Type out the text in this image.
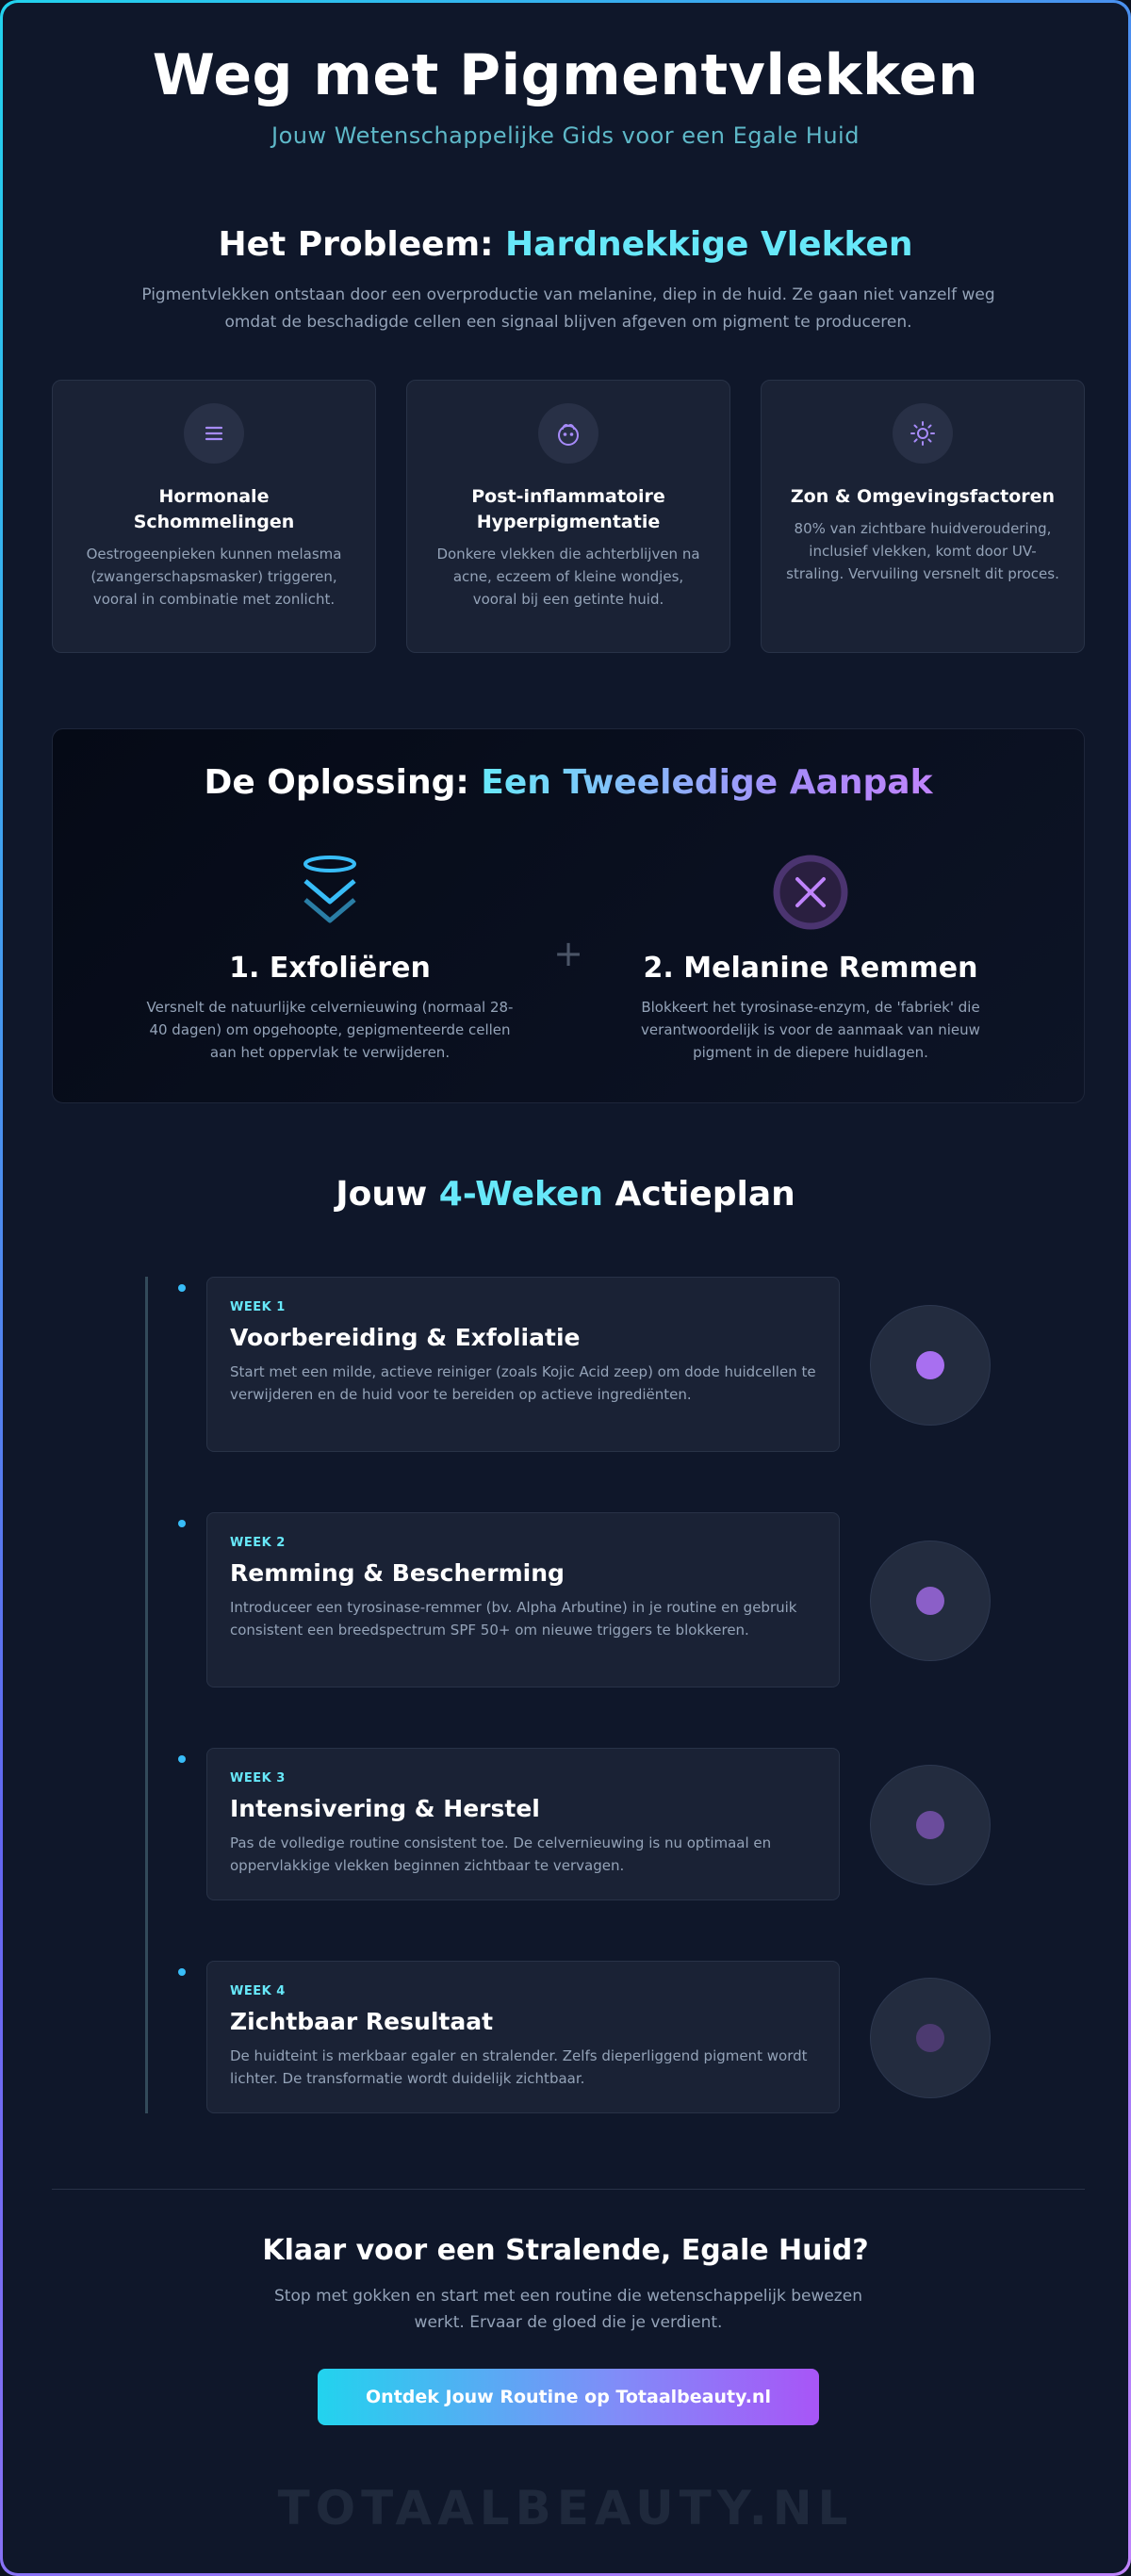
Weg met Pigmentvlekken
Jouw Wetenschappelijke Gids voor een Egale Huid
Het Probleem: Hardnekkige Vlekken

Pigmentvlekken ontstaan door een overproductie van melanine, diep in de huid. Ze gaan niet vanzelf weg omdat de beschadigde cellen een signaal blijven afgeven om pigment te produceren.

Hormonale Schommelingen
Oestrogeenpieken kunnen melasma (zwangerschapsmasker) triggeren, vooral in combinatie met zonlicht.
Post-inflammatoire Hyperpigmentatie
Donkere vlekken die achterblijven na acne, eczeem of kleine wondjes, vooral bij een getinte huid.
Zon & Omgevingsfactoren
80% van zichtbare huidveroudering, inclusief vlekken, komt door UV-straling. Vervuiling versnelt dit proces.
De Oplossing: Een Tweeledige Aanpak
1. Exfoliëren
Versnelt de natuurlijke celvernieuwing (normaal 28-40 dagen) om opgehoopte, gepigmenteerde cellen aan het oppervlak te verwijderen.
+	2. Melanine Remmen
Blokkeert het tyrosinase-enzym, de 'fabriek' die verantwoordelijk is voor de aanmaak van nieuw pigment in de diepere huidlagen.
Jouw 4-Weken Actieplan
WEEK 1
Voorbereiding & Exfoliatie
Start met een milde, actieve reiniger (zoals Kojic Acid zeep) om dode huidcellen te verwijderen en de huid voor te bereiden op actieve ingrediënten.
WEEK 2
Remming & Bescherming
Introduceer een tyrosinase-remmer (bv. Alpha Arbutine) in je routine en gebruik consistent een breedspectrum SPF 50+ om nieuwe triggers te blokkeren.
WEEK 3
Intensivering & Herstel
Pas de volledige routine consistent toe. De celvernieuwing is nu optimaal en oppervlakkige vlekken beginnen zichtbaar te vervagen.
WEEK 4
Zichtbaar Resultaat
De huidteint is merkbaar egaler en stralender. Zelfs dieperliggend pigment wordt lichter. De transformatie wordt duidelijk zichtbaar.
Klaar voor een Stralende, Egale Huid?

Stop met gokken en start met een routine die wetenschappelijk bewezen werkt. Ervaar de gloed die je verdient.

Ontdek Jouw Routine op Totaalbeauty.nl
TOTAALBEAUTY.NL
